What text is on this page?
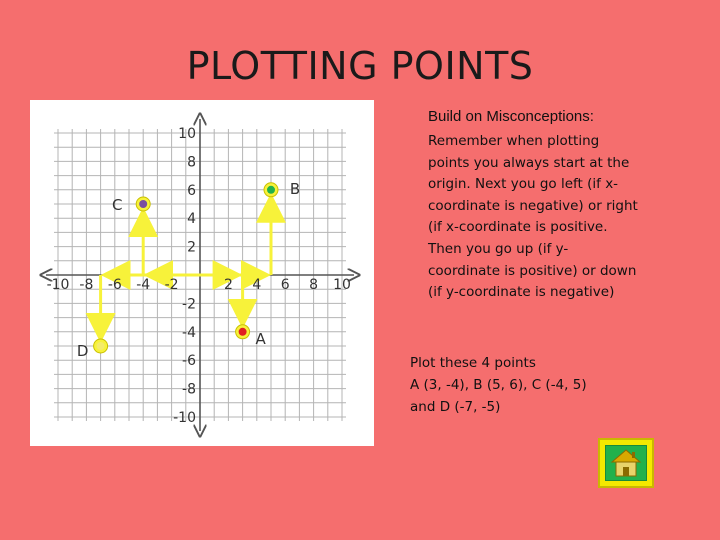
PLOTTING POINTS
-10 -8 -6 -4 -2	2 4 6 8 10
10
8
6
4
2
-2
-4
-6
-8
-10
A
B
C
D
Build on Misconceptions:
Remember when plotting points you always start at the origin. Next you go left (if x-coordinate is negative) or right (if x-coordinate is positive. Then you go up (if y-coordinate is positive) or down (if y-coordinate is negative)
Plot these 4 points
A (3, -4), B (5, 6), C (-4, 5)
and D (-7, -5)
